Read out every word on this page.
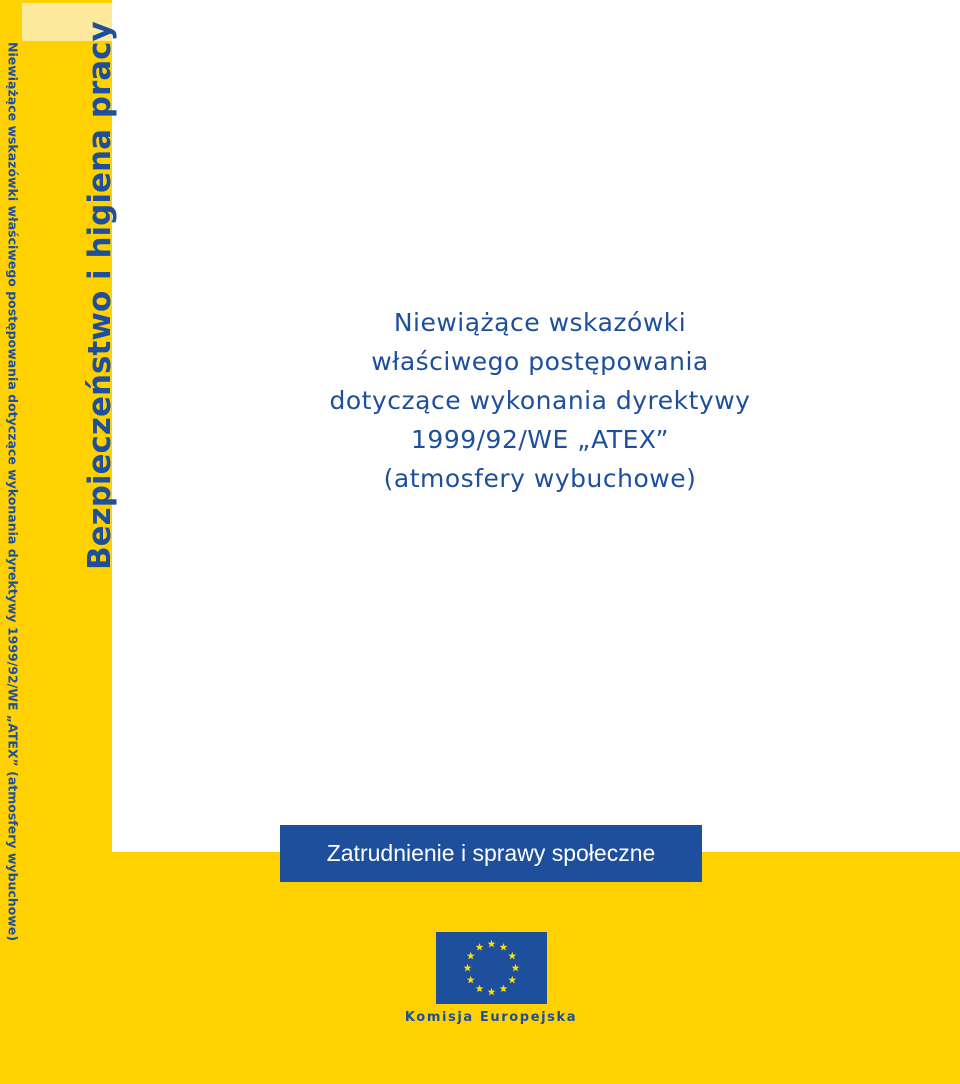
Niewiążące wskazówki właściwego postępowania dotyczące wykonania dyrektywy 1999/92/WE „ATEX” (atmosfery wybuchowe) Bezpieczeństwo i higiena pracy	Niewiążące wskazówki
właściwego postępowania
dotyczące wykonania dyrektywy
1999/92/WE „ATEX”
(atmosfery wybuchowe)
Zatrudnienie i sprawy społeczne
Komisja Europejska
